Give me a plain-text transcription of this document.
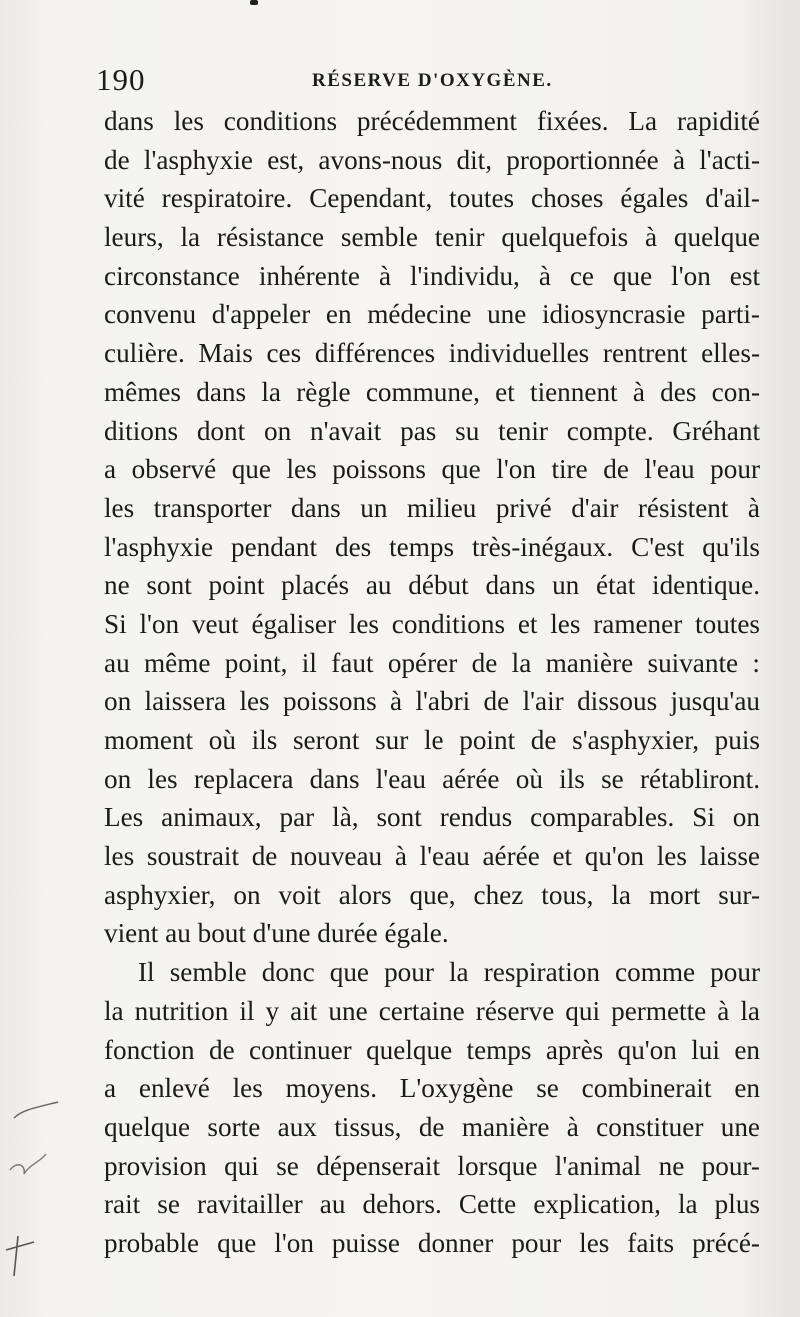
190	RÉSERVE D'OXYGÈNE.
dans les conditions précédemment fixées. La rapidité
de l'asphyxie est, avons-nous dit, proportionnée à l'acti-
vité respiratoire. Cependant, toutes choses égales d'ail-
leurs, la résistance semble tenir quelquefois à quelque
circonstance inhérente à l'individu, à ce que l'on est
convenu d'appeler en médecine une idiosyncrasie parti-
culière. Mais ces différences individuelles rentrent elles-
mêmes dans la règle commune, et tiennent à des con-
ditions dont on n'avait pas su tenir compte. Gréhant
a observé que les poissons que l'on tire de l'eau pour
les transporter dans un milieu privé d'air résistent à
l'asphyxie pendant des temps très-inégaux. C'est qu'ils
ne sont point placés au début dans un état identique.
Si l'on veut égaliser les conditions et les ramener toutes
au même point, il faut opérer de la manière suivante :
on laissera les poissons à l'abri de l'air dissous jusqu'au
moment où ils seront sur le point de s'asphyxier, puis
on les replacera dans l'eau aérée où ils se rétabliront.
Les animaux, par là, sont rendus comparables. Si on
les soustrait de nouveau à l'eau aérée et qu'on les laisse
asphyxier, on voit alors que, chez tous, la mort sur-
vient au bout d'une durée égale.
Il semble donc que pour la respiration comme pour
la nutrition il y ait une certaine réserve qui permette à la
fonction de continuer quelque temps après qu'on lui en
a enlevé les moyens. L'oxygène se combinerait en
quelque sorte aux tissus, de manière à constituer une
provision qui se dépenserait lorsque l'animal ne pour-
rait se ravitailler au dehors. Cette explication, la plus
probable que l'on puisse donner pour les faits précé-
